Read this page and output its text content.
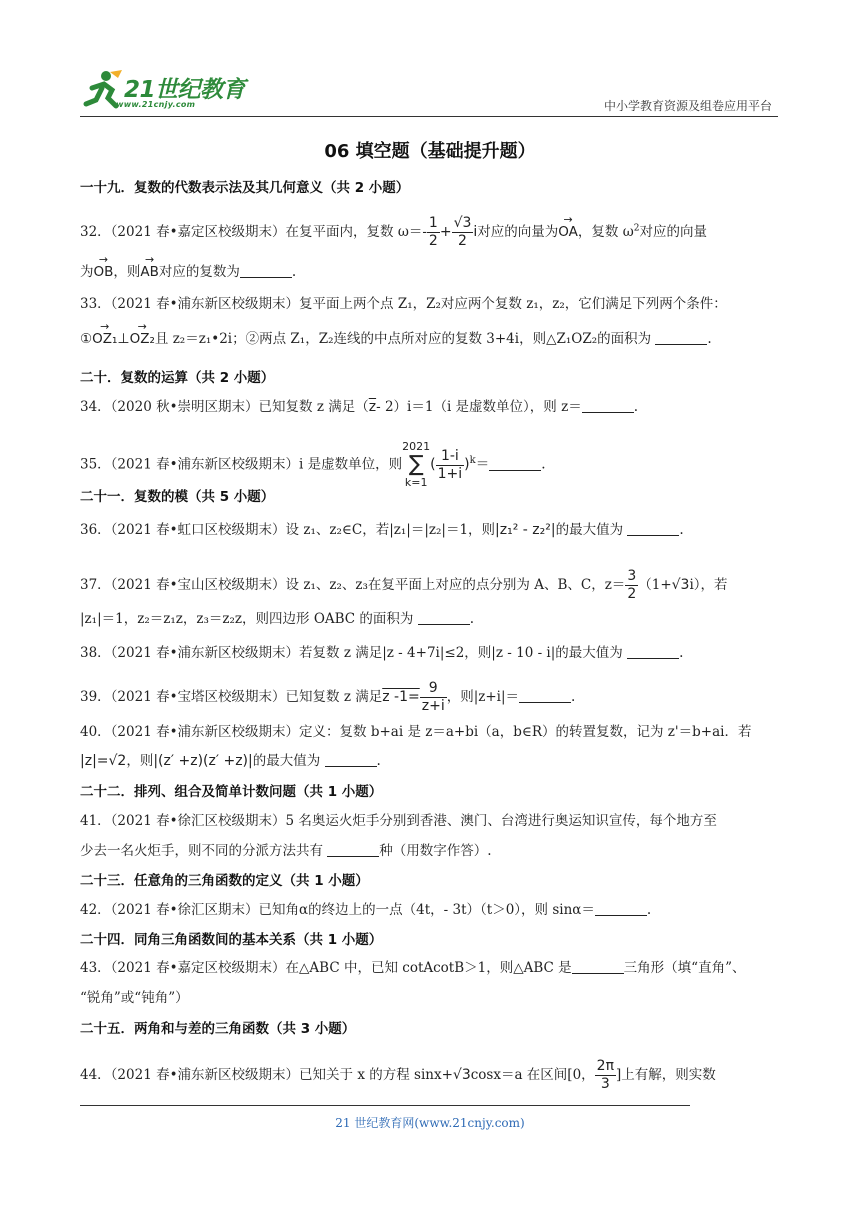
21世纪教育
www.21cnjy.com	中小学教育资源及组卷应用平台
06 填空题（基础提升题）
一十九．复数的代数表示法及其几何意义（共 2 小题）
32．（2021 春•嘉定区校级期末）在复平面内，复数 $\omega=- \frac{1}{2} + \frac{√3}{2}$ i对应的向量为→ OA，复数 $\omega^2$对应的向量
为→ OB，则→ AB对应的复数为	.
33．（2021 春•浦东新区校级期末）复平面上两个点 Z₁，Z₂对应两个复数 z₁，z₂，它们满足下列两个条件：
①→ OZ₁⊥→ OZ₂且 z₂＝z₁•2i；②两点 Z₁，Z₂连线的中点所对应的复数 3+4i，则△Z₁OZ₂的面积为	.
二十．复数的运算（共 2 小题）
34．（2020 秋•崇明区期末）已知复数 z 满足（$\overline{z}-$ 2）i＝1（i 是虚数单位），则 z＝	.
35．（2021 春•浦东新区校级期末）i 是虚数单位，则2021
∑
$k=1( \frac{1-i}{1+i} )^k=$	.
二十一．复数的模（共 5 小题）
36．（2021 春•虹口区校级期末）设 z₁、z₂∈C，若|z₁|＝|z₂|＝1，则|z₁² - z₂²|的最大值为	.
37．（2021 春•宝山区校级期末）设 z₁、z₂、z₃在复平面上对应的点分别为 A、B、C，$z= \frac{3}{2} (1+√3i)$，若
|z₁|＝1，z₂＝z₁z，z₃＝z₂z，则四边形 OABC 的面积为	.
38．（2021 春•浦东新区校级期末）若复数 z 满足|z - 4+7i|≤2，则|z - 10 - i|的最大值为	.
39．（2021 春•宝塔区校级期末）已知复数 z 满足z $-1= \frac{9}{z+i}$ ，则|z+i|＝	.
40．（2021 春•浦东新区校级期末）定义：复数 b+ai 是 z＝a+bi（a，b∈R）的转置复数，记为 z'＝b+ai．若
|z|=√2，则|(z′ +z)(z′ +z)|的最大值为	.
二十二．排列、组合及简单计数问题（共 1 小题）
41．（2021 春•徐汇区校级期末）5 名奥运火炬手分别到香港、澳门、台湾进行奥运知识宣传，每个地方至
少去一名火炬手，则不同的分派方法共有	种（用数字作答）.
二十三．任意角的三角函数的定义（共 1 小题）
42．（2021 春•徐汇区期末）已知角α的终边上的一点（4t，- 3t）（t＞0），则 sinα＝	.
二十四．同角三角函数间的基本关系（共 1 小题）
43．（2021 春•嘉定区校级期末）在△ABC 中，已知 cotAcotB＞1，则△ABC 是	三角形（填“直角”、
“锐角”或“钝角”）
二十五．两角和与差的三角函数（共 3 小题）
44．（2021 春•浦东新区校级期末）已知关于 x 的方程 sinx+√3cosx＝a 在区间[0， $\frac{2\pi}{3}$ ]上有解，则实数
21 世纪教育网(www.21cnjy.com)
